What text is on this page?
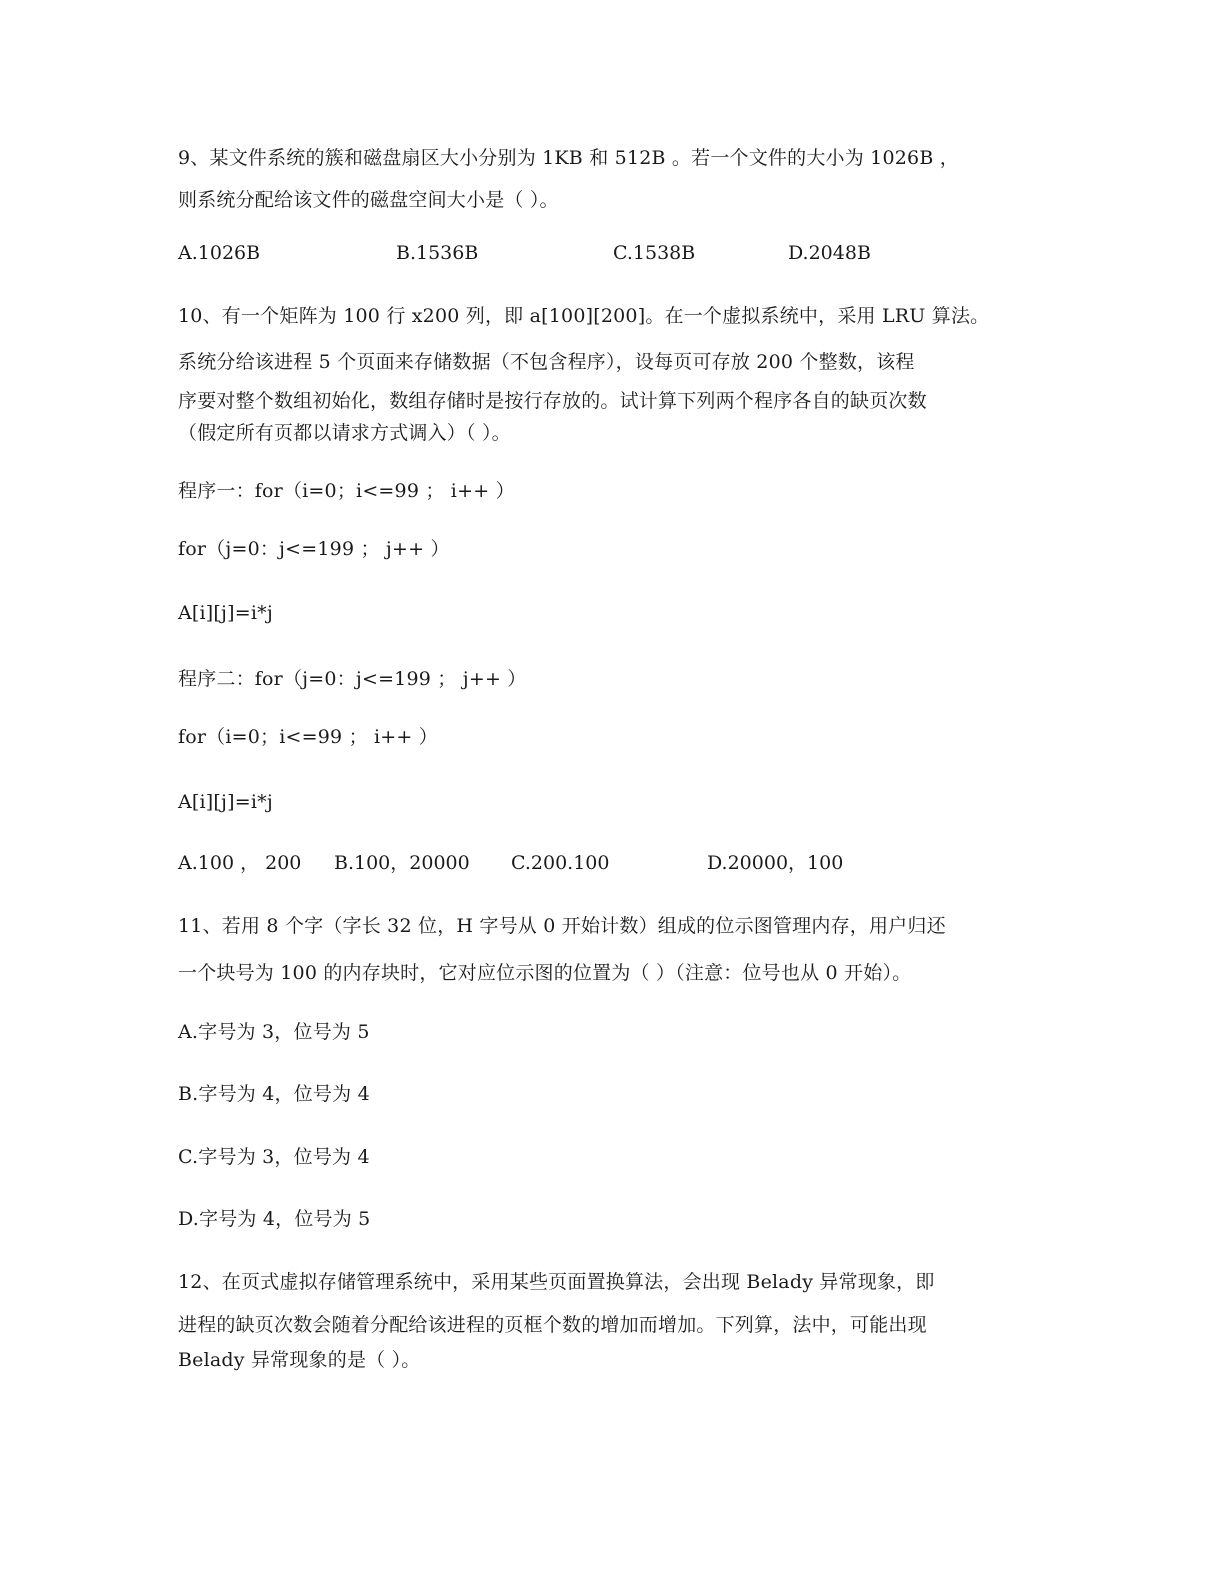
9、某文件系统的簇和磁盘扇区大小分别为 1KB 和 512B 。若一个文件的大小为 1026B ，
则系统分配给该文件的磁盘空间大小是（ ）。
A.1026B	B.1536B	C.1538B	D.2048B
10、有一个矩阵为 100 行 x200 列，即 a[100][200]。在一个虚拟系统中，采用 LRU 算法。
系统分给该进程 5 个页面来存储数据（不包含程序），设每页可存放 200 个整数，该程
序要对整个数组初始化，数组存储时是按行存放的。试计算下列两个程序各自的缺页次数
（假定所有页都以请求方式调入）（ ）。
程序一：for（i=0；i<=99 ； i++ ）
for（j=0：j<=199 ； j++ ）
A[i][j]=i*j
程序二：for（j=0：j<=199 ； j++ ）
for（i=0；i<=99 ； i++ ）
A[i][j]=i*j
A.100 ， 200 B.100，20000 C.200.100	D.20000，100
11、若用 8 个字（字长 32 位，H 字号从 0 开始计数）组成的位示图管理内存，用户归还
一个块号为 100 的内存块时，它对应位示图的位置为（ ）（注意：位号也从 0 开始）。
A.字号为 3，位号为 5
B.字号为 4，位号为 4
C.字号为 3，位号为 4
D.字号为 4，位号为 5
12、在页式虚拟存储管理系统中，采用某些页面置换算法，会出现 Belady 异常现象，即
进程的缺页次数会随着分配给该进程的页框个数的增加而增加。下列算，法中，可能出现
Belady 异常现象的是（ ）。
